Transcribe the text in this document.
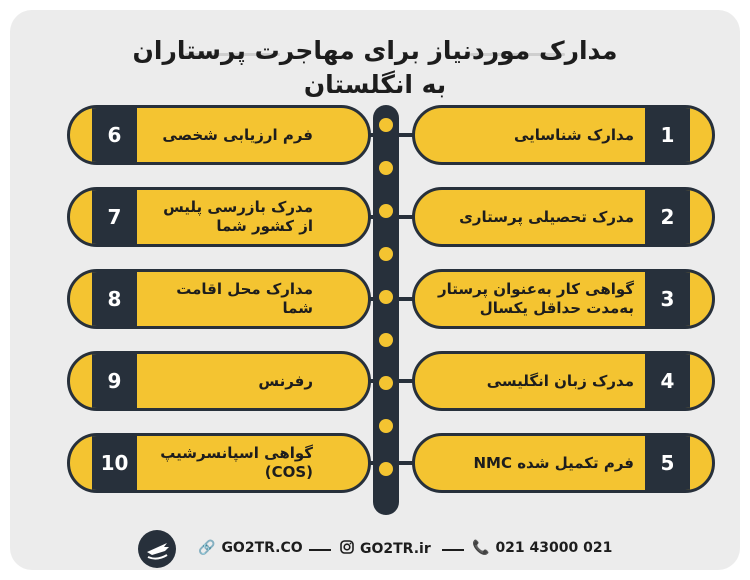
مدارک موردنیاز برای مهاجرت پرستاران
به انگلستان
1
مدارک شناسایی
2
مدرک تحصیلی پرستاری
3
گواهی کار به‌عنوان پرستار به‌مدت حداقل یکسال
4
مدرک زبان انگلیسی
5
فرم تکمیل شده NMC
6	فرم ارزیابی شخصی
7	مدرک بازرسی پلیس از کشور شما
8	مدارک محل اقامت شما
9	رفرنس
10	گواهی اسپانسرشیپ (COS)
🔗 GO2TR.CO	GO2TR.ir	📞 021 43000 021
